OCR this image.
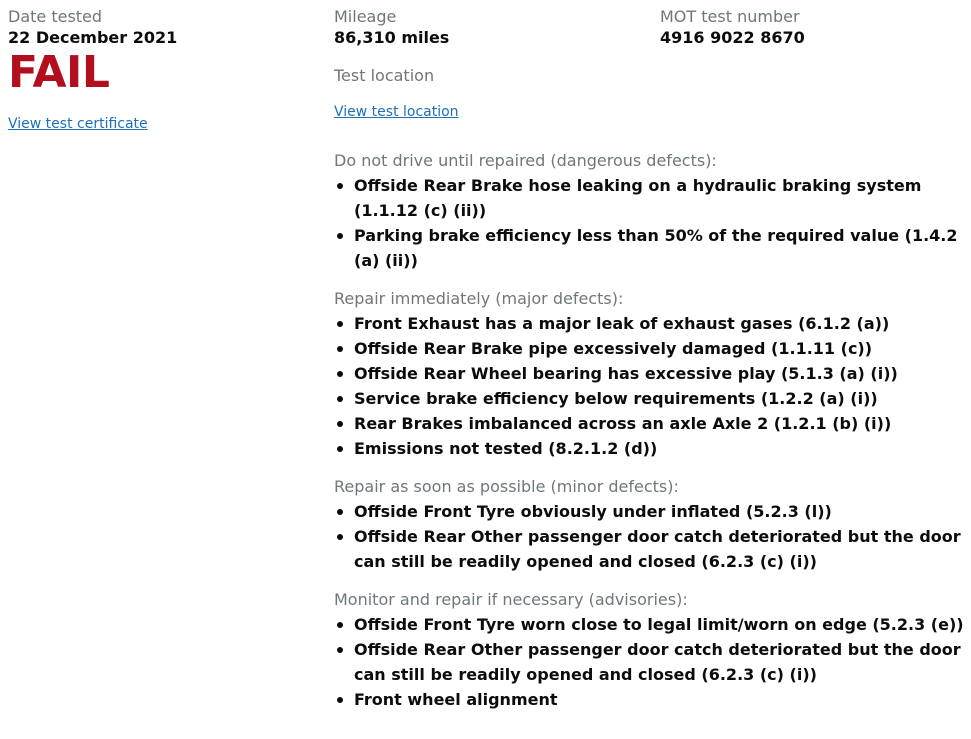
Date tested

22 December 2021

FAIL

View test certificate

Mileage

86,310 miles

Test location

View test location

Do not drive until repaired (dangerous defects):

Offside Rear Brake hose leaking on a hydraulic braking system (1.1.12 (c) (ii))
Parking brake efficiency less than 50% of the required value (1.4.2 (a) (ii))

Repair immediately (major defects):

Front Exhaust has a major leak of exhaust gases (6.1.2 (a))
Offside Rear Brake pipe excessively damaged (1.1.11 (c))
Offside Rear Wheel bearing has excessive play (5.1.3 (a) (i))
Service brake efficiency below requirements (1.2.2 (a) (i))
Rear Brakes imbalanced across an axle Axle 2 (1.2.1 (b) (i))
Emissions not tested (8.2.1.2 (d))

Repair as soon as possible (minor defects):

Offside Front Tyre obviously under inflated (5.2.3 (l))
Offside Rear Other passenger door catch deteriorated but the door can still be readily opened and closed (6.2.3 (c) (i))

Monitor and repair if necessary (advisories):

Offside Front Tyre worn close to legal limit/worn on edge (5.2.3 (e))
Offside Rear Other passenger door catch deteriorated but the door can still be readily opened and closed (6.2.3 (c) (i))
Front wheel alignment

MOT test number

4916 9022 8670
